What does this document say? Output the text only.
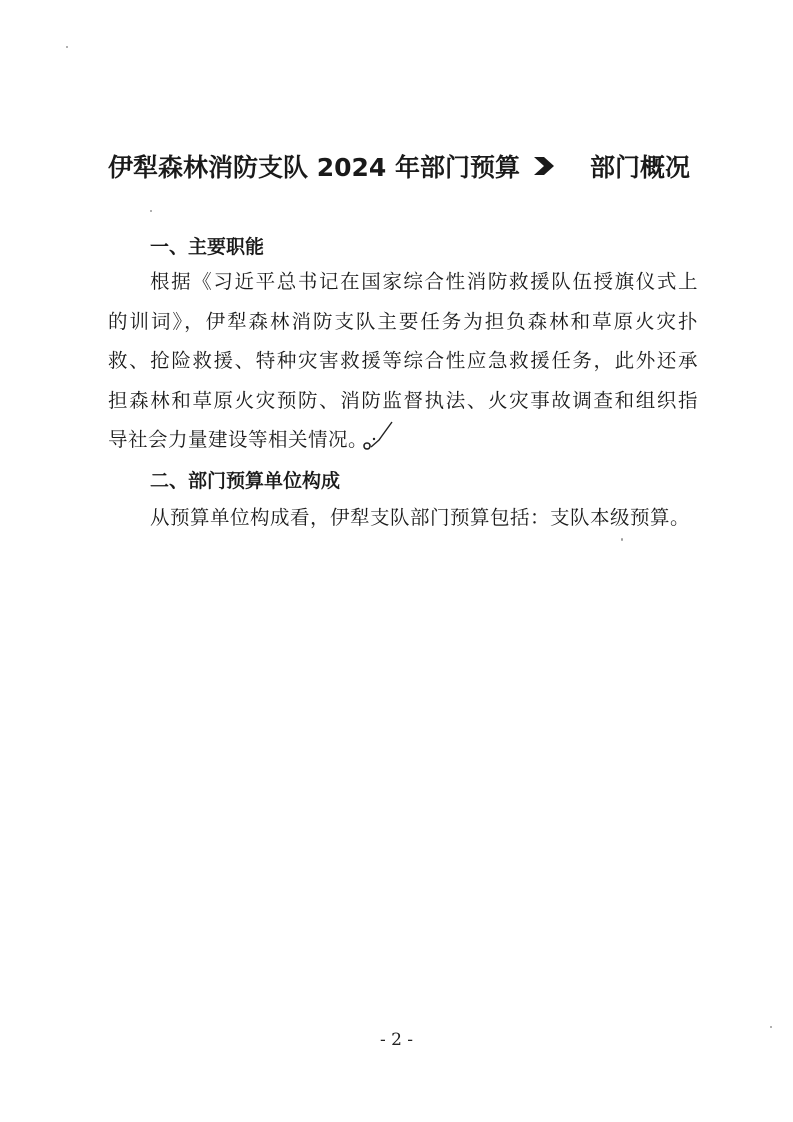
伊犁森林消防支队 2024 年部门预算	部门概况
一、主要职能
根据《习近平总书记在国家综合性消防救援队伍授旗仪式上
的训词》，伊犁森林消防支队主要任务为担负森林和草原火灾扑
救、抢险救援、特种灾害救援等综合性应急救援任务，此外还承
担森林和草原火灾预防、消防监督执法、火灾事故调查和组织指
导社会力量建设等相关情况。
二、部门预算单位构成
从预算单位构成看，伊犁支队部门预算包括：支队本级预算。
- 2 -
